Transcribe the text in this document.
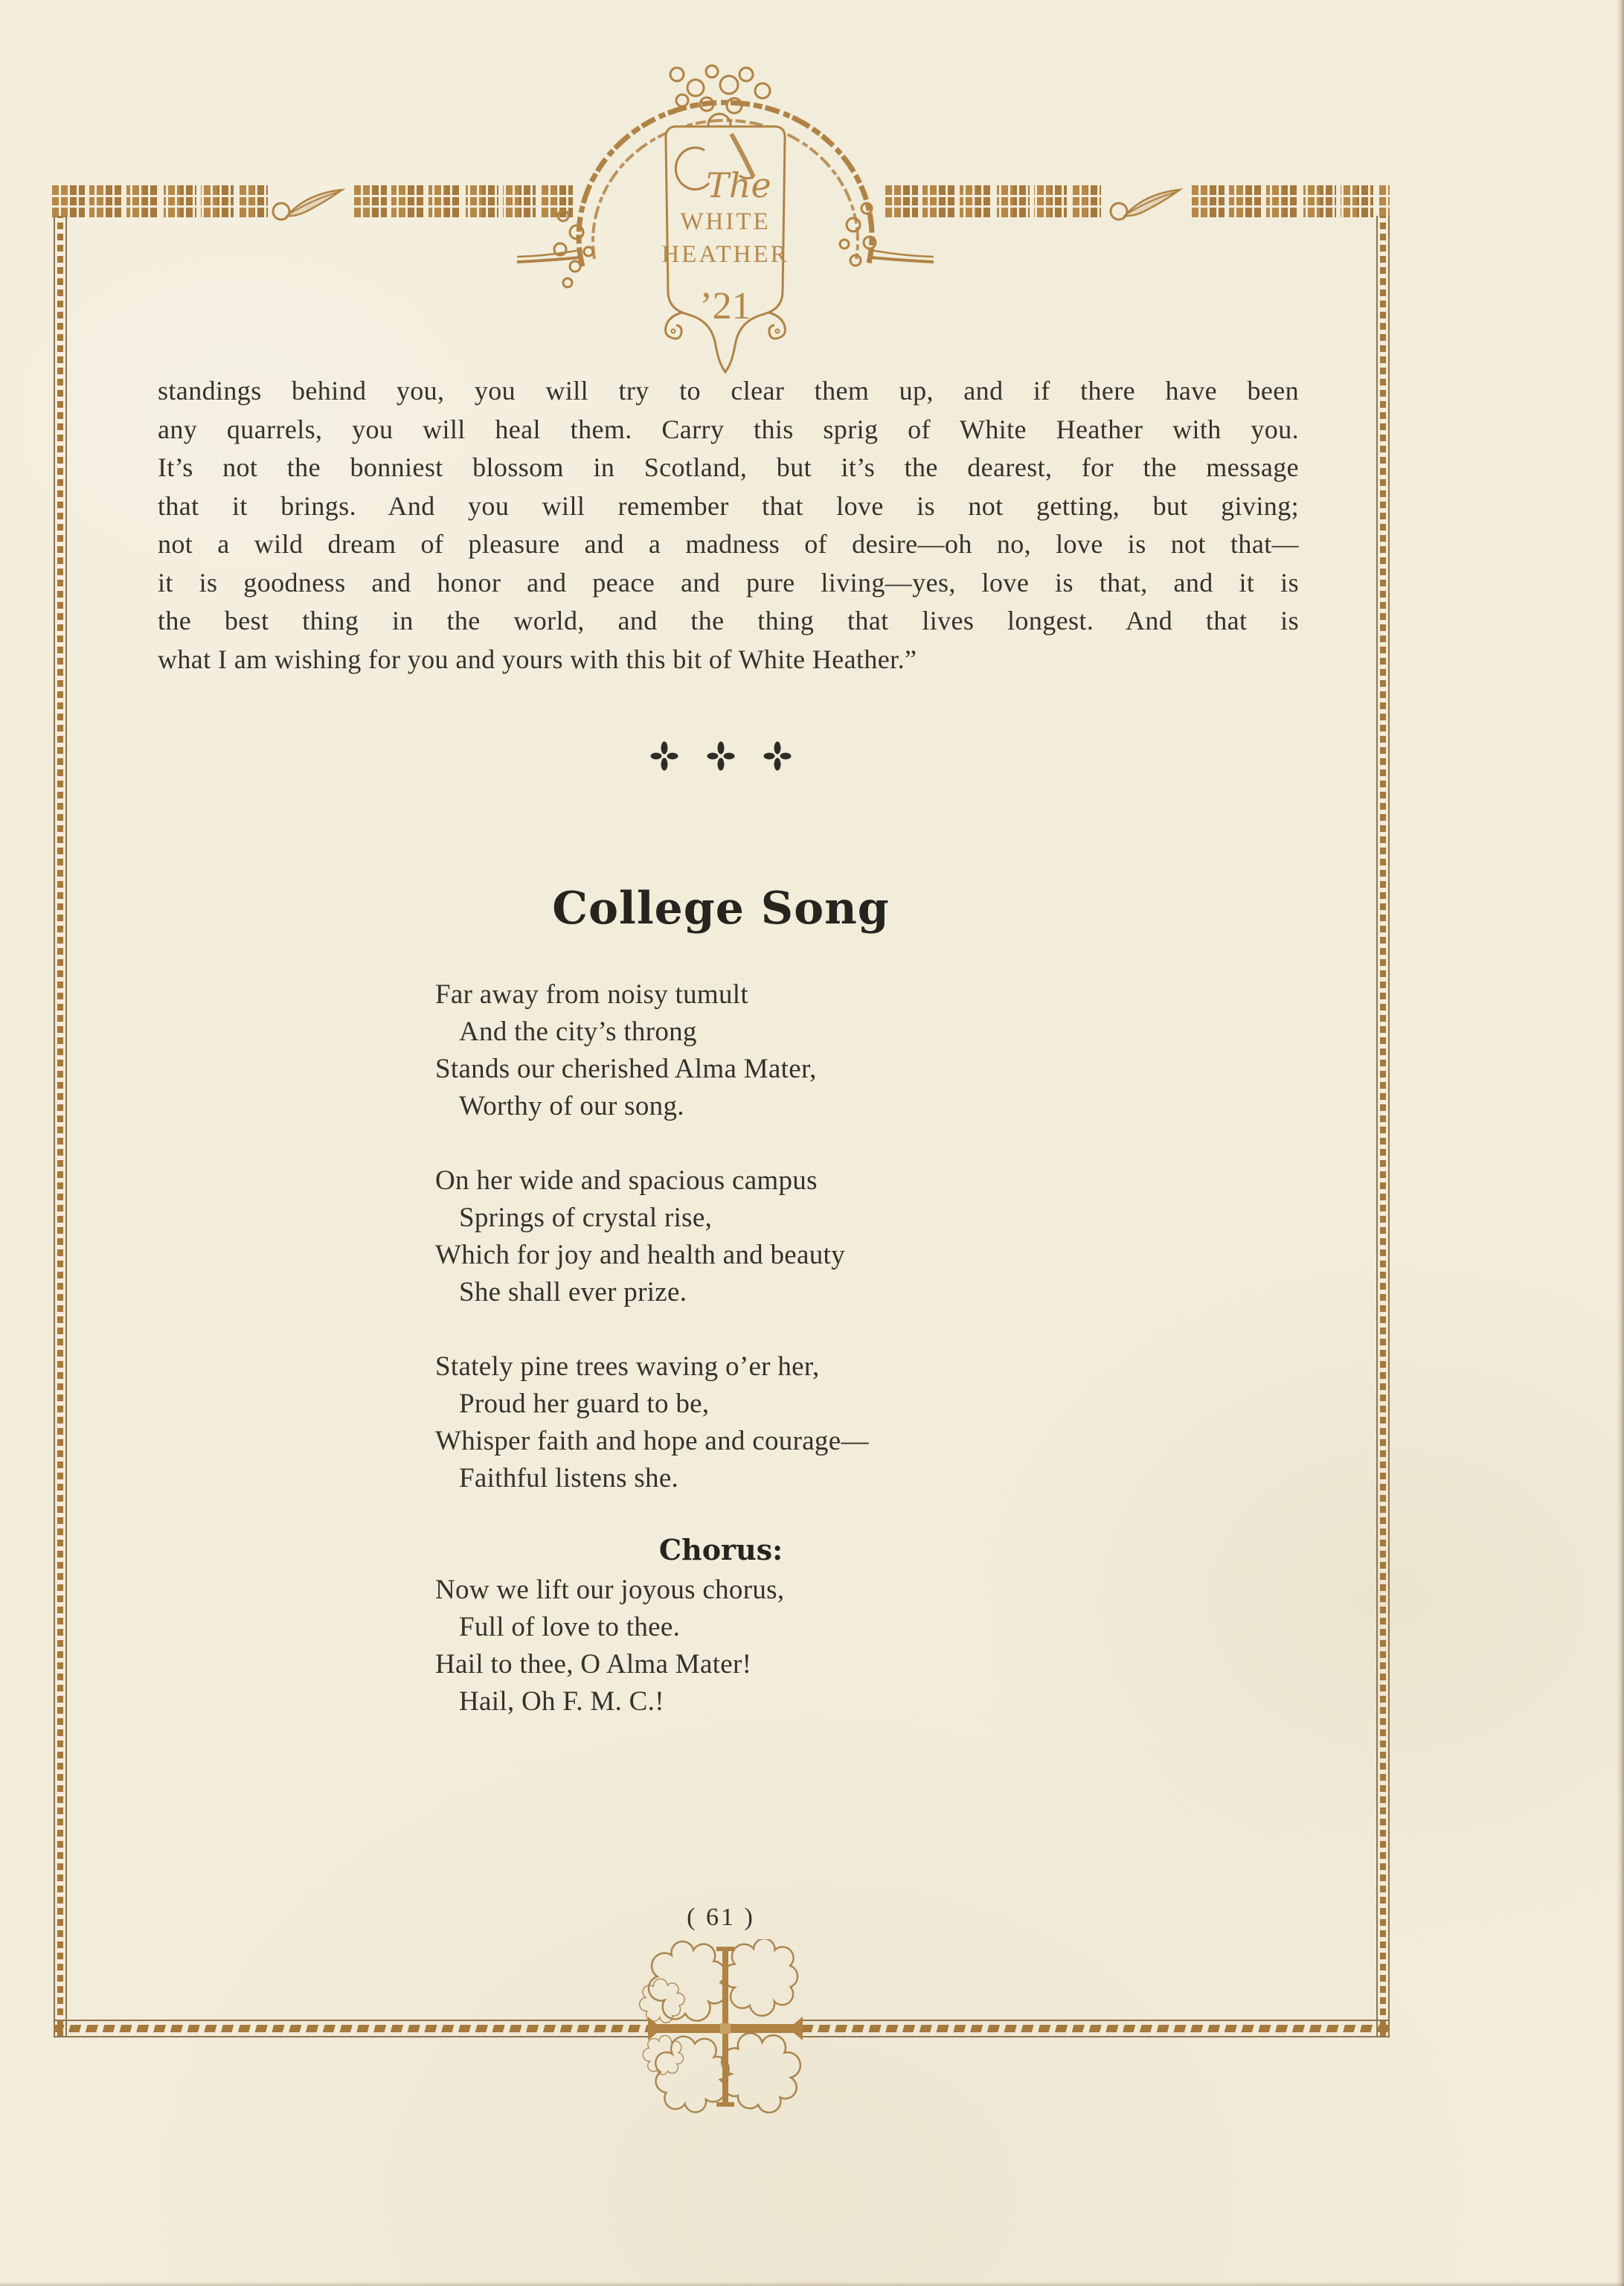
The
WHITE
HEATHER
’21
standings behind you, you will try to clear them up, and if there have been
any quarrels, you will heal them. Carry this sprig of White Heather with you.
It’s not the bonniest blossom in Scotland, but it’s the dearest, for the message
that it brings. And you will remember that love is not getting, but giving;
not a wild dream of pleasure and a madness of desire—oh no, love is not that—
it is goodness and honor and peace and pure living—yes, love is that, and it is
the best thing in the world, and the thing that lives longest. And that is
what I am wishing for you and yours with this bit of White Heather.”

College Song
Far away from noisy tumult
And the city’s throng
Stands our cherished Alma Mater,
Worthy of our song.
On her wide and spacious campus
Springs of crystal rise,
Which for joy and health and beauty
She shall ever prize.
Stately pine trees waving o’er her,
Proud her guard to be,
Whisper faith and hope and courage—
Faithful listens she.
Chorus:
Now we lift our joyous chorus,
Full of love to thee.
Hail to thee, O Alma Mater!
Hail, Oh F. M. C.!
( 61 )
